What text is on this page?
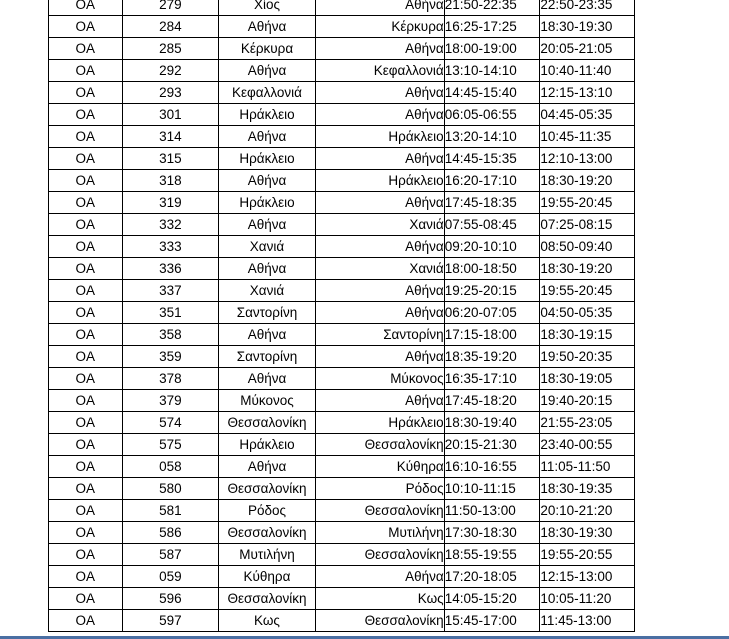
OA	279	Χίος	Αθήνα	21:50-22:35	22:50-23:35
OA	284	Αθήνα	Κέρκυρα	16:25-17:25	18:30-19:30
OA	285	Κέρκυρα	Αθήνα	18:00-19:00	20:05-21:05
OA	292	Αθήνα	Κεφαλλονιά	13:10-14:10	10:40-11:40
OA	293	Κεφαλλονιά	Αθήνα	14:45-15:40	12:15-13:10
OA	301	Ηράκλειο	Αθήνα	06:05-06:55	04:45-05:35
OA	314	Αθήνα	Ηράκλειο	13:20-14:10	10:45-11:35
OA	315	Ηράκλειο	Αθήνα	14:45-15:35	12:10-13:00
OA	318	Αθήνα	Ηράκλειο	16:20-17:10	18:30-19:20
OA	319	Ηράκλειο	Αθήνα	17:45-18:35	19:55-20:45
OA	332	Αθήνα	Χανιά	07:55-08:45	07:25-08:15
OA	333	Χανιά	Αθήνα	09:20-10:10	08:50-09:40
OA	336	Αθήνα	Χανιά	18:00-18:50	18:30-19:20
OA	337	Χανιά	Αθήνα	19:25-20:15	19:55-20:45
OA	351	Σαντορίνη	Αθήνα	06:20-07:05	04:50-05:35
OA	358	Αθήνα	Σαντορίνη	17:15-18:00	18:30-19:15
OA	359	Σαντορίνη	Αθήνα	18:35-19:20	19:50-20:35
OA	378	Αθήνα	Μύκονος	16:35-17:10	18:30-19:05
OA	379	Μύκονος	Αθήνα	17:45-18:20	19:40-20:15
OA	574	Θεσσαλονίκη	Ηράκλειο	18:30-19:40	21:55-23:05
OA	575	Ηράκλειο	Θεσσαλονίκη	20:15-21:30	23:40-00:55
OA	058	Αθήνα	Κύθηρα	16:10-16:55	11:05-11:50
OA	580	Θεσσαλονίκη	Ρόδος	10:10-11:15	18:30-19:35
OA	581	Ρόδος	Θεσσαλονίκη	11:50-13:00	20:10-21:20
OA	586	Θεσσαλονίκη	Μυτιλήνη	17:30-18:30	18:30-19:30
OA	587	Μυτιλήνη	Θεσσαλονίκη	18:55-19:55	19:55-20:55
OA	059	Κύθηρα	Αθήνα	17:20-18:05	12:15-13:00
OA	596	Θεσσαλονίκη	Κως	14:05-15:20	10:05-11:20
OA	597	Κως	Θεσσαλονίκη	15:45-17:00	11:45-13:00
